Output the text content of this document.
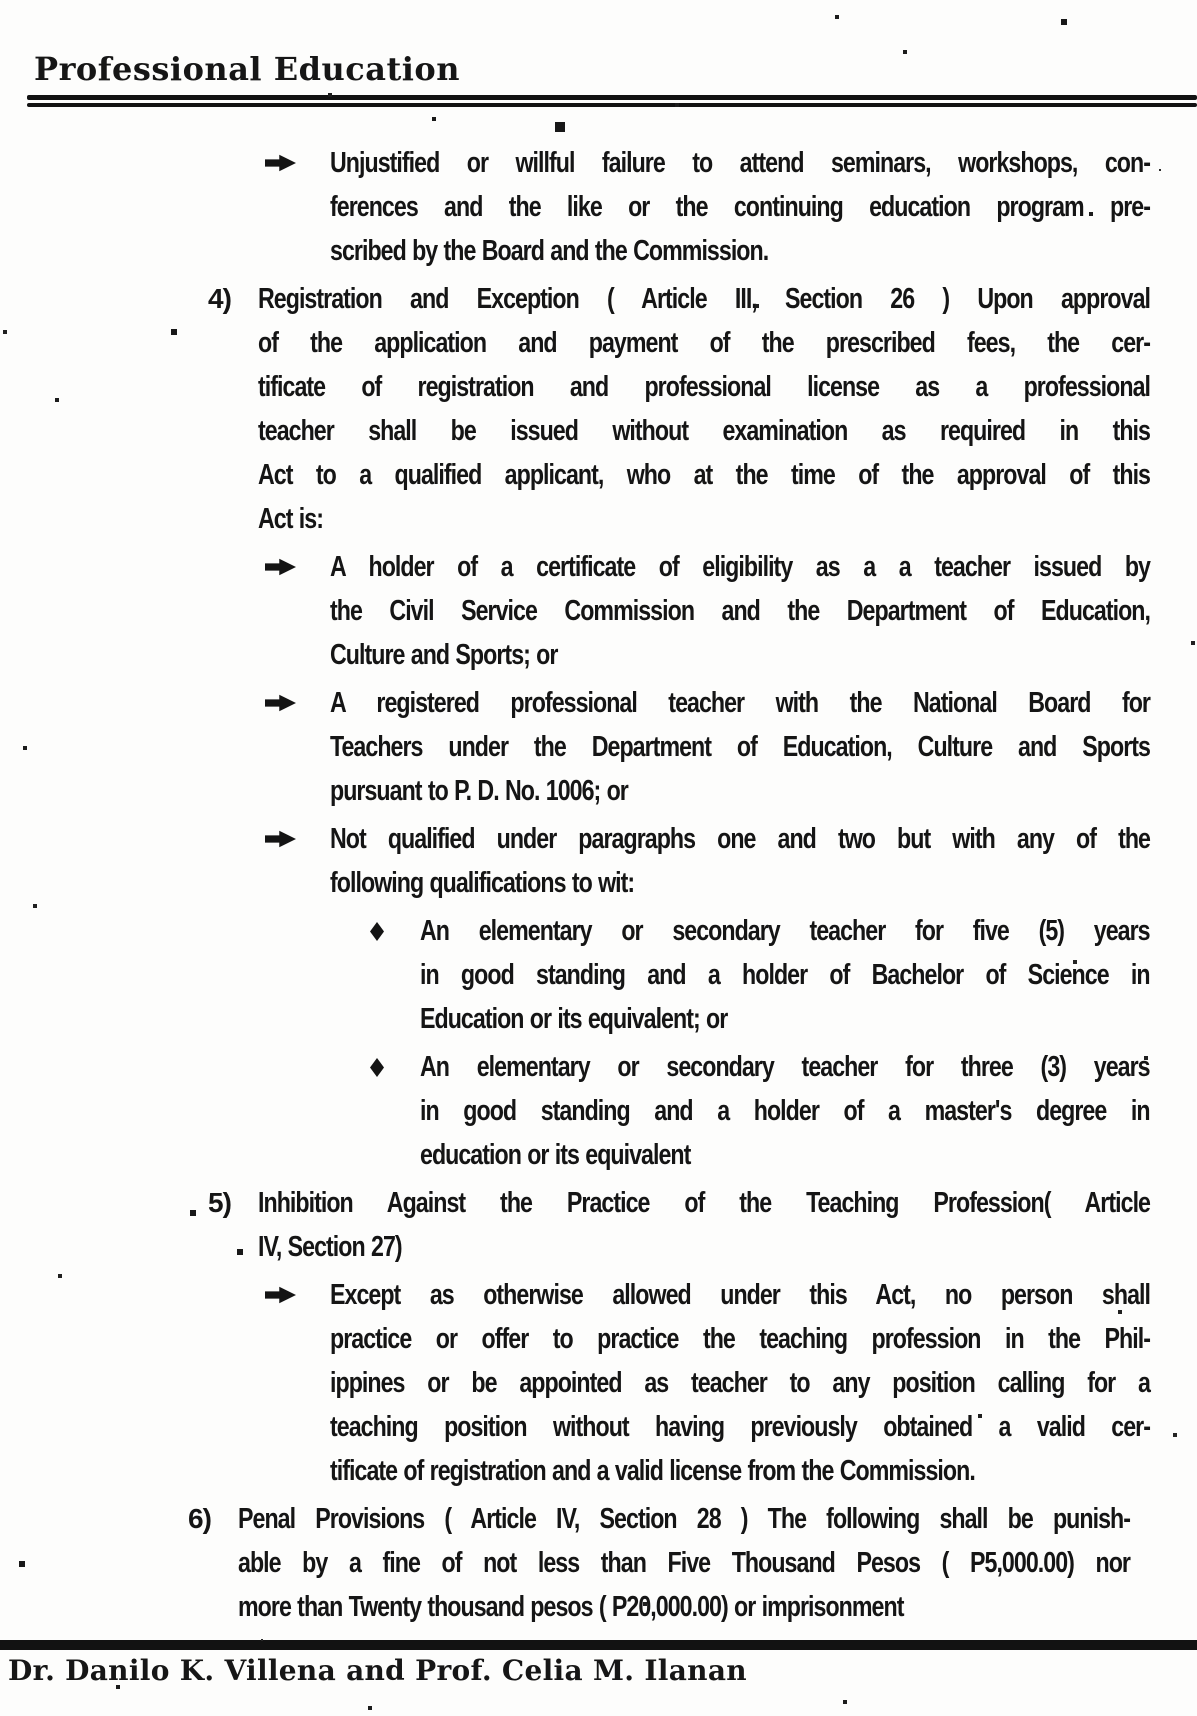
Professional Education
Unjustified or willful failure to attend seminars, workshops, con-
ferences and the like or the continuing education program pre-
scribed by the Board and the Commission.
4) Registration and Exception ( Article III, Section 26 ) Upon approval
of the application and payment of the prescribed fees, the cer-
tificate of registration and professional license as a professional
teacher shall be issued without examination as required in this
Act to a qualified applicant, who at the time of the approval of this
Act is:
A holder of a certificate of eligibility as a a teacher issued by
the Civil Service Commission and the Department of Education,
Culture and Sports; or
A registered professional teacher with the National Board for
Teachers under the Department of Education, Culture and Sports
pursuant to P. D. No. 1006; or
Not qualified under paragraphs one and two but with any of the
following qualifications to wit:
An elementary or secondary teacher for five (5) years
in good standing and a holder of Bachelor of Science in
Education or its equivalent; or
An elementary or secondary teacher for three (3) years
in good standing and a holder of a master's degree in
education or its equivalent
5) Inhibition Against the Practice of the Teaching Profession( Article
IV, Section 27)
Except as otherwise allowed under this Act, no person shall
practice or offer to practice the teaching profession in the Phil-
ippines or be appointed as teacher to any position calling for a
teaching position without having previously obtained a valid cer-
tificate of registration and a valid license from the Commission.
6) Penal Provisions ( Article IV, Section 28 ) The following shall be punish-
able by a fine of not less than Five Thousand Pesos ( P5,000.00) nor
more than Twenty thousand pesos ( P20,000.00) or imprisonment
Dr. Danilo K. Villena and Prof. Celia M. Ilanan
